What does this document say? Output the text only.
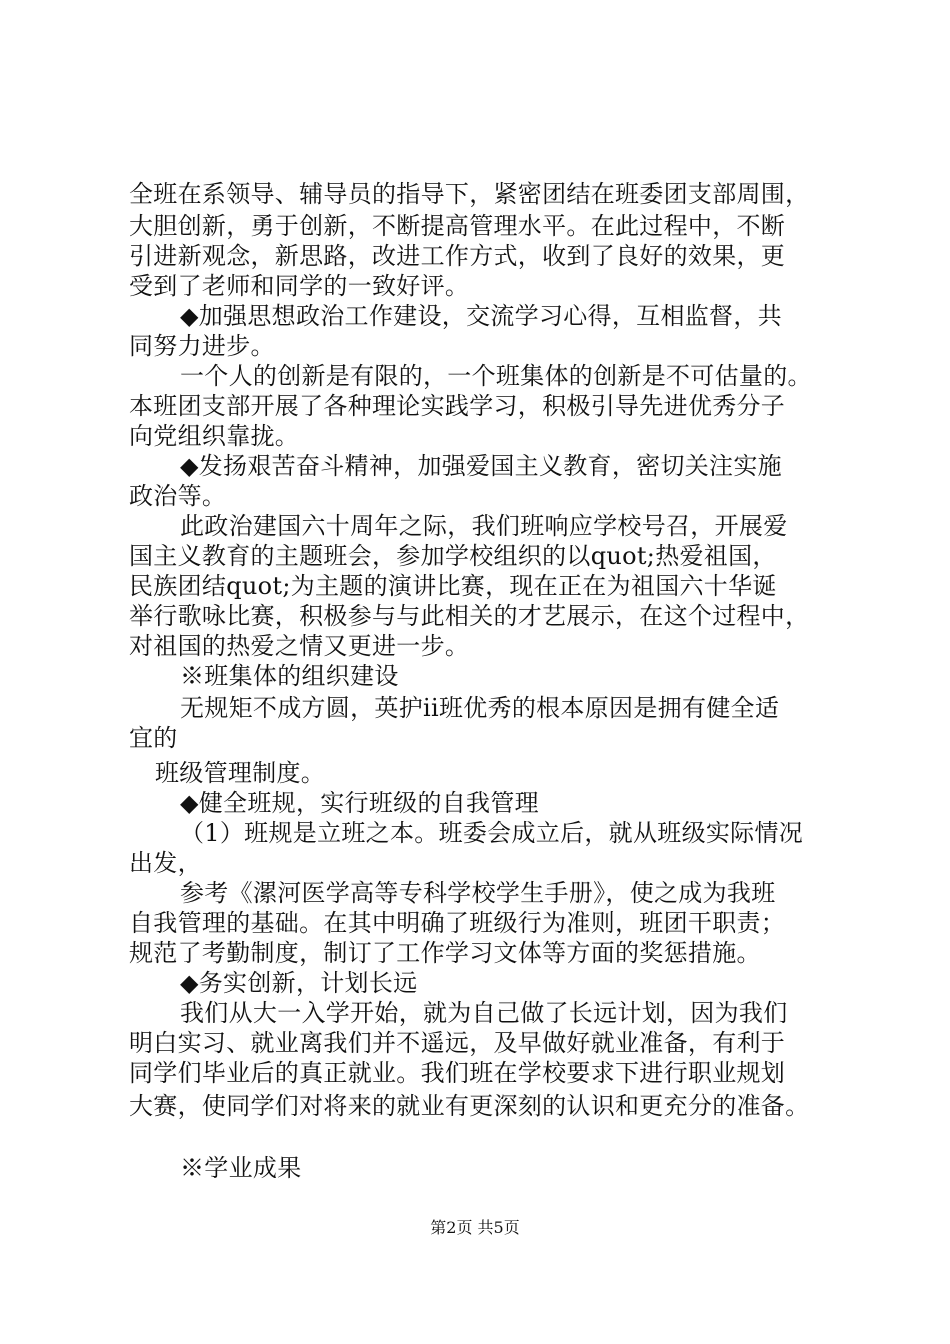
全班在系领导、辅导员的指导下，紧密团结在班委团支部周围，
大胆创新，勇于创新，不断提高管理水平。在此过程中，不断
引进新观念，新思路，改进工作方式，收到了良好的效果，更
受到了老师和同学的一致好评。
◆加强思想政治工作建设，交流学习心得，互相监督，共
同努力进步。
一个人的创新是有限的，一个班集体的创新是不可估量的。
本班团支部开展了各种理论实践学习，积极引导先进优秀分子
向党组织靠拢。
◆发扬艰苦奋斗精神，加强爱国主义教育，密切关注实施
政治等。
此政治建国六十周年之际，我们班响应学校号召，开展爱
国主义教育的主题班会，参加学校组织的以quot;热爱祖国，
民族团结quot;为主题的演讲比赛，现在正在为祖国六十华诞
举行歌咏比赛，积极参与与此相关的才艺展示，在这个过程中，
对祖国的热爱之情又更进一步。
※班集体的组织建设
无规矩不成方圆，英护ii班优秀的根本原因是拥有健全适
宜的
班级管理制度。
◆健全班规，实行班级的自我管理
（1）班规是立班之本。班委会成立后，就从班级实际情况
出发，
参考《漯河医学高等专科学校学生手册》，使之成为我班
自我管理的基础。在其中明确了班级行为准则，班团干职责；
规范了考勤制度，制订了工作学习文体等方面的奖惩措施。
◆务实创新，计划长远
我们从大一入学开始，就为自己做了长远计划，因为我们
明白实习、就业离我们并不遥远，及早做好就业准备，有利于
同学们毕业后的真正就业。我们班在学校要求下进行职业规划
大赛，使同学们对将来的就业有更深刻的认识和更充分的准备。
※学业成果
第2页 共5页
